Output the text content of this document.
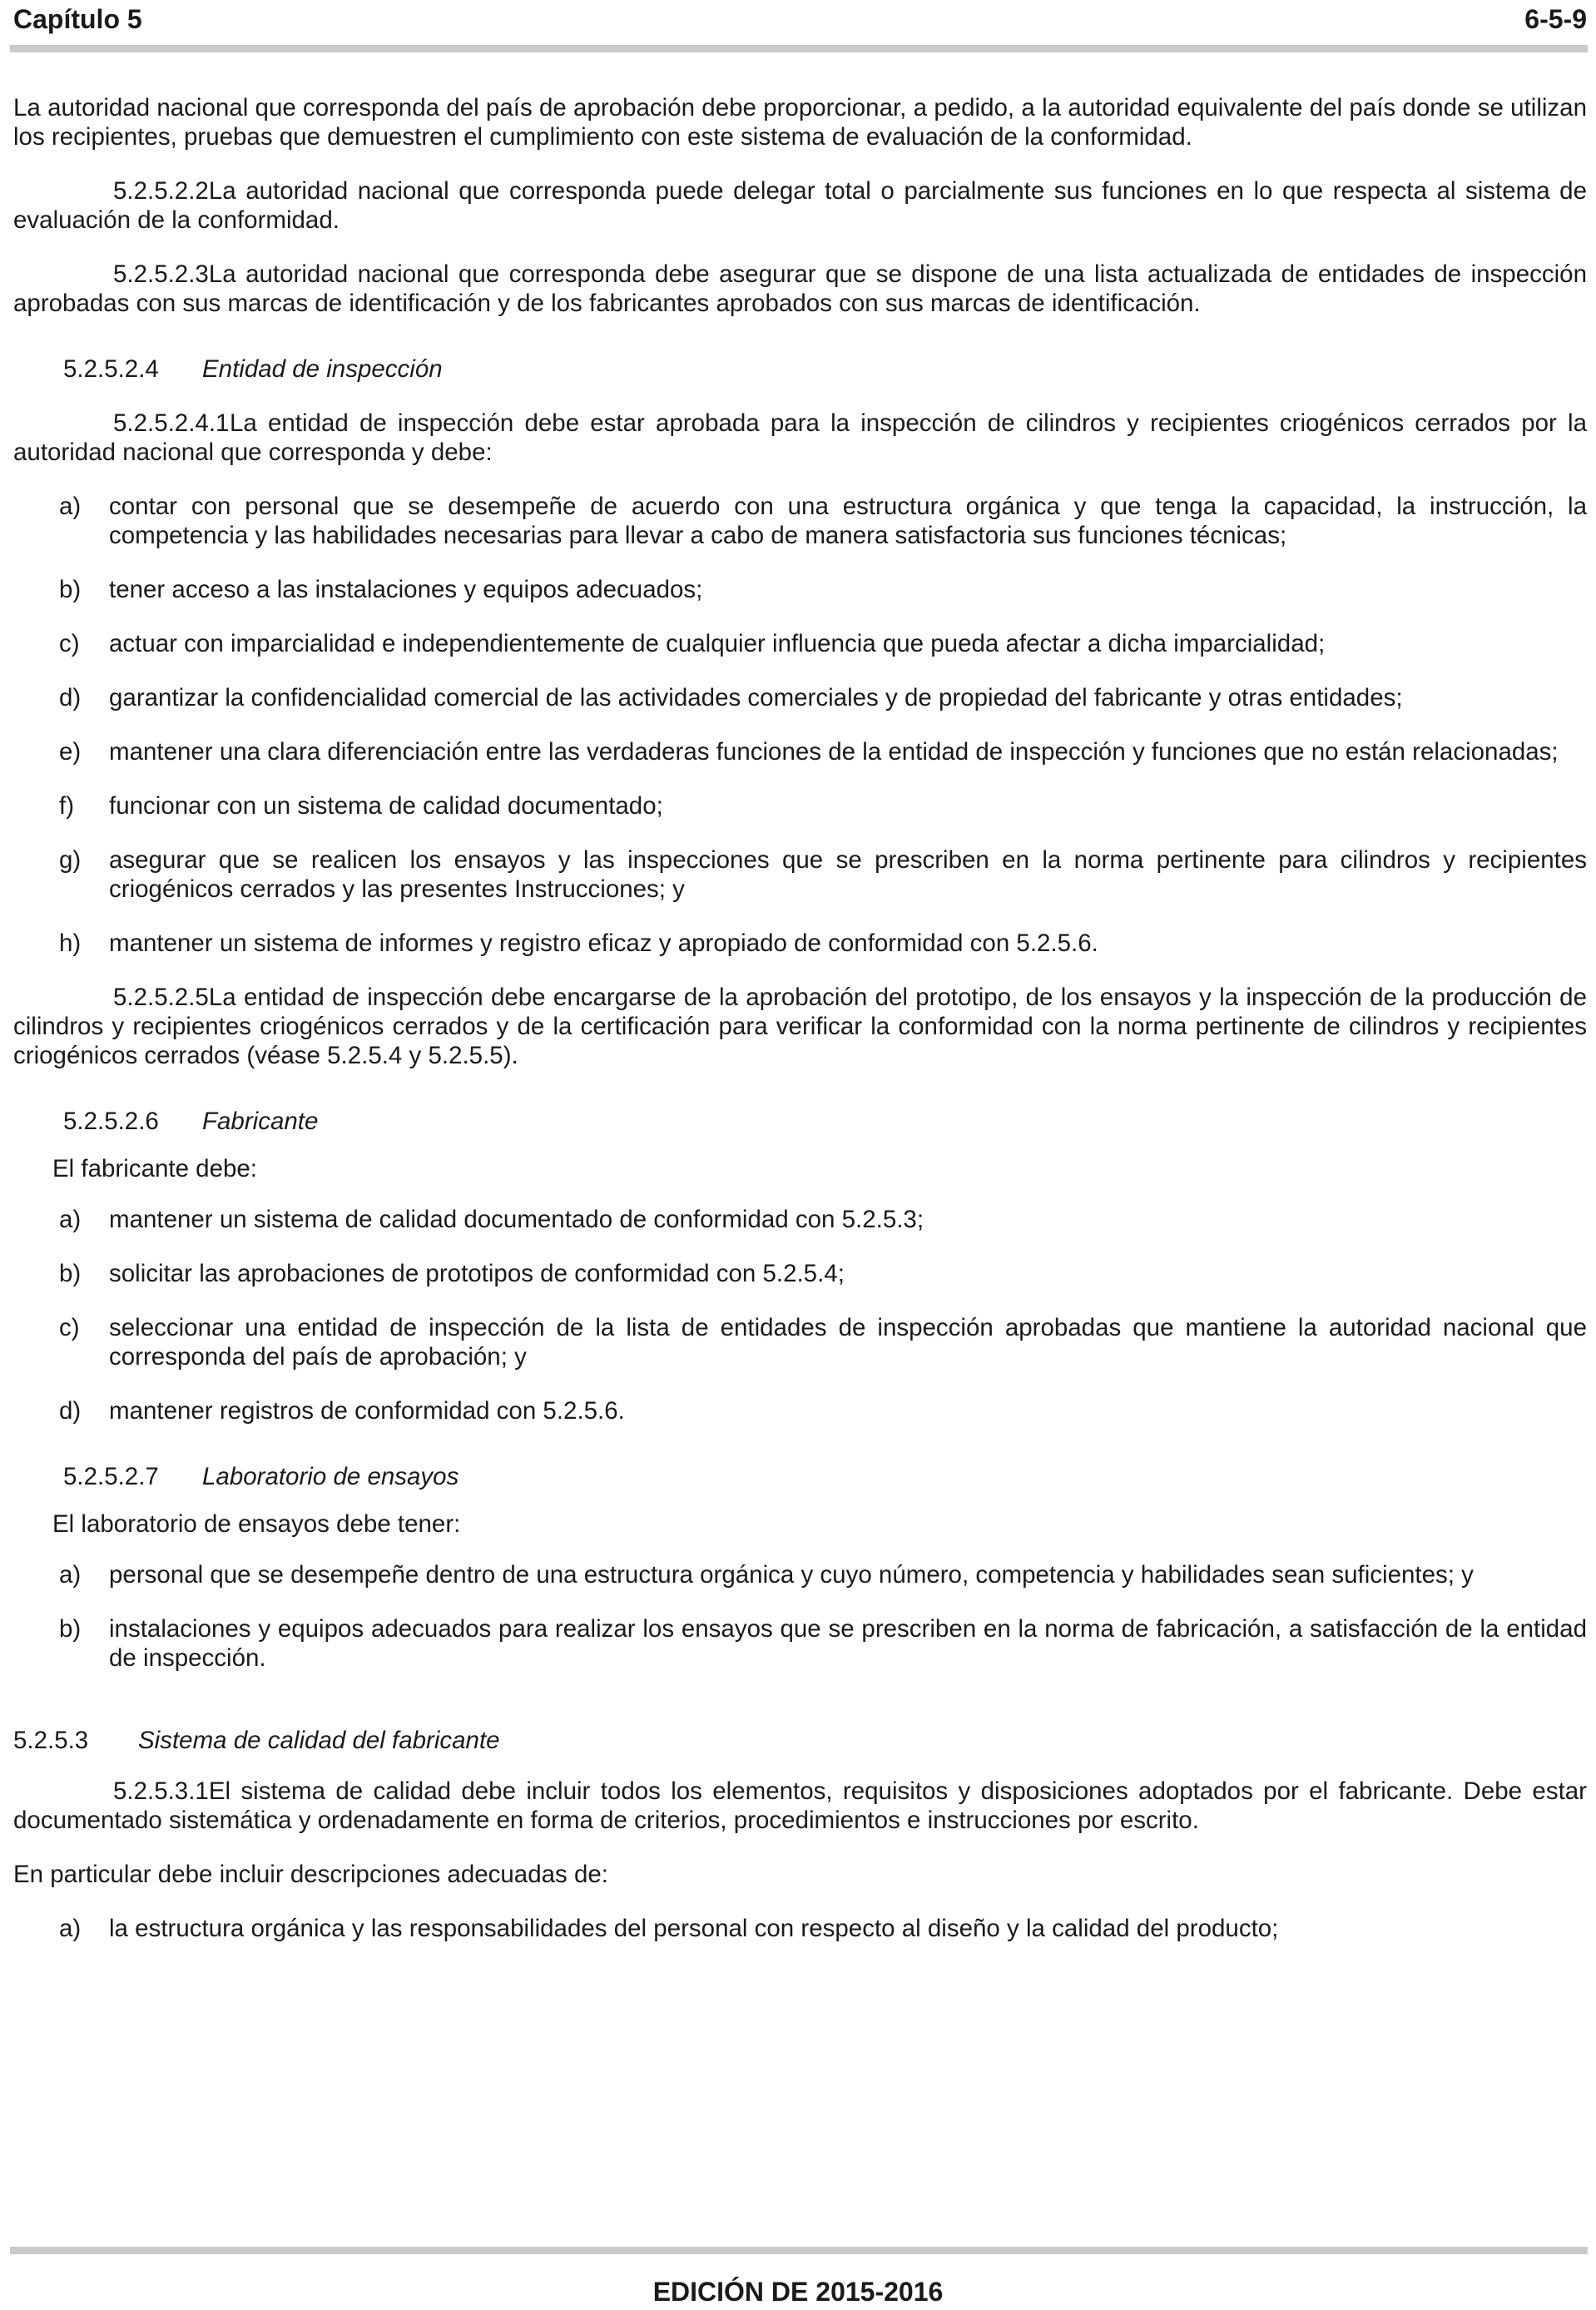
Capítulo 5	6-5-9

La autoridad nacional que corresponda del país de aprobación debe proporcionar, a pedido, a la autoridad equivalente del país donde se utilizan los recipientes, pruebas que demuestren el cumplimiento con este sistema de evaluación de la conformidad.

5.2.5.2.2La autoridad nacional que corresponda puede delegar total o parcialmente sus funciones en lo que respecta al sistema de evaluación de la conformidad.

5.2.5.2.3La autoridad nacional que corresponda debe asegurar que se dispone de una lista actualizada de entidades de inspección aprobadas con sus marcas de identificación y de los fabricantes aprobados con sus marcas de identificación.

5.2.5.2.4 Entidad de inspección

5.2.5.2.4.1La entidad de inspección debe estar aprobada para la inspección de cilindros y recipientes criogénicos cerrados por la autoridad nacional que corresponda y debe:

a)	contar con personal que se desempeñe de acuerdo con una estructura orgánica y que tenga la capacidad, la instrucción, la competencia y las habilidades necesarias para llevar a cabo de manera satisfactoria sus funciones técnicas;
b)	tener acceso a las instalaciones y equipos adecuados;
c)	actuar con imparcialidad e independientemente de cualquier influencia que pueda afectar a dicha imparcialidad;
d)	garantizar la confidencialidad comercial de las actividades comerciales y de propiedad del fabricante y otras entidades;
e)	mantener una clara diferenciación entre las verdaderas funciones de la entidad de inspección y funciones que no están relacionadas;
f)	funcionar con un sistema de calidad documentado;
g)	asegurar que se realicen los ensayos y las inspecciones que se prescriben en la norma pertinente para cilindros y recipientes criogénicos cerrados y las presentes Instrucciones; y
h)	mantener un sistema de informes y registro eficaz y apropiado de conformidad con 5.2.5.6.

5.2.5.2.5La entidad de inspección debe encargarse de la aprobación del prototipo, de los ensayos y la inspección de la producción de cilindros y recipientes criogénicos cerrados y de la certificación para verificar la conformidad con la norma pertinente de cilindros y recipientes criogénicos cerrados (véase 5.2.5.4 y 5.2.5.5).

5.2.5.2.6 Fabricante

El fabricante debe:

a)	mantener un sistema de calidad documentado de conformidad con 5.2.5.3;
b)	solicitar las aprobaciones de prototipos de conformidad con 5.2.5.4;
c)	seleccionar una entidad de inspección de la lista de entidades de inspección aprobadas que mantiene la autoridad nacional que corresponda del país de aprobación; y
d)	mantener registros de conformidad con 5.2.5.6.

5.2.5.2.7 Laboratorio de ensayos

El laboratorio de ensayos debe tener:

a)	personal que se desempeñe dentro de una estructura orgánica y cuyo número, competencia y habilidades sean suficientes; y
b)	instalaciones y equipos adecuados para realizar los ensayos que se prescriben en la norma de fabricación, a satisfacción de la entidad de inspección.

5.2.5.3 Sistema de calidad del fabricante

5.2.5.3.1El sistema de calidad debe incluir todos los elementos, requisitos y disposiciones adoptados por el fabricante. Debe estar documentado sistemática y ordenadamente en forma de criterios, procedimientos e instrucciones por escrito.

En particular debe incluir descripciones adecuadas de:

a)	la estructura orgánica y las responsabilidades del personal con respecto al diseño y la calidad del producto;
EDICIÓN DE 2015-2016
